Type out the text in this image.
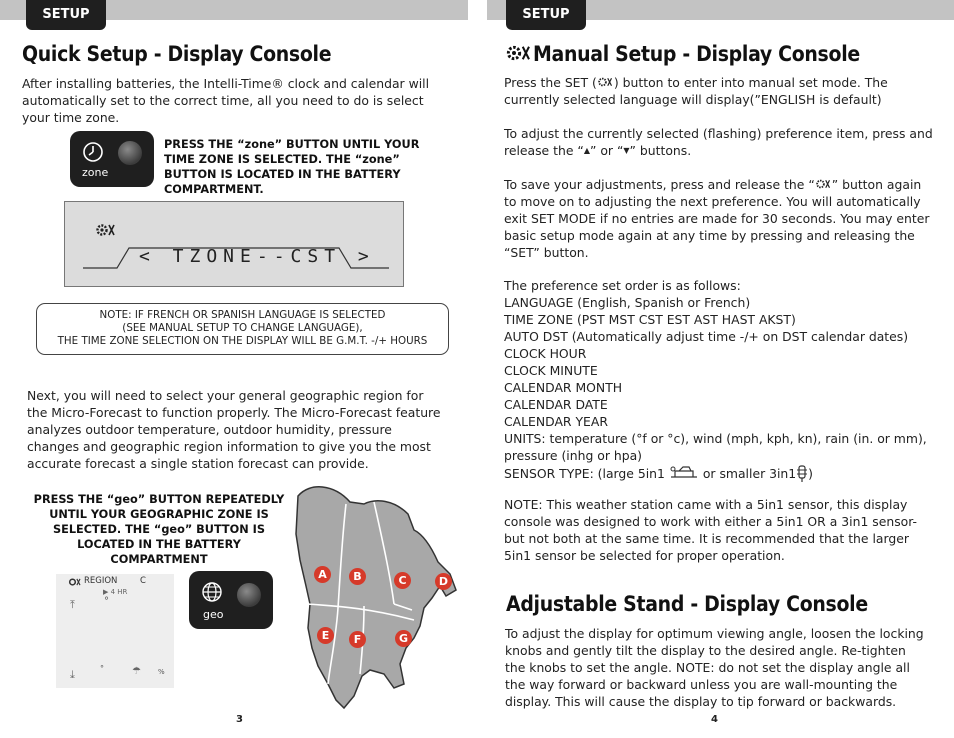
SETUP	SETUP
Quick Setup - Display Console

After installing batteries, the Intelli-Time® clock and calendar will automatically set to the correct time, all you need to do is select your time zone.

zone

PRESS THE “zone” BUTTON UNTIL YOUR TIME ZONE IS SELECTED. THE “zone” BUTTON IS LOCATED IN THE BATTERY COMPARTMENT.

< TZONE--CST >
NOTE: IF FRENCH OR SPANISH LANGUAGE IS SELECTED
(SEE MANUAL SETUP TO CHANGE LANGUAGE),
THE TIME ZONE SELECTION ON THE DISPLAY WILL BE G.M.T. -/+ HOURS

Next, you will need to select your general geographic region for the Micro-Forecast to function properly. The Micro-Forecast feature analyzes outdoor temperature, outdoor humidity, pressure changes and geographic region information to give you the most accurate forecast a single station forecast can provide.

PRESS THE “geo” BUTTON REPEATEDLY UNTIL YOUR GEOGRAPHIC ZONE IS SELECTED. THE “geo” BUTTON IS LOCATED IN THE BATTERY COMPARTMENT

REGION	C
▶ 4 HR
⤒	°
⤓	°	☂ %
geo
A	B	C	D
E	F	G
3
Manual Setup - Display Console

Press the SET ( ) button to enter into manual set mode. The currently selected language will display(”ENGLISH is default)

To adjust the currently selected (flashing) preference item, press and release the “▲” or “▼” buttons.

To save your adjustments, press and release the “ ” button again to move on to adjusting the next preference. You will automatically exit SET MODE if no entries are made for 30 seconds. You may enter basic setup mode again at any time by pressing and releasing the “SET” button.

The preference set order is as follows:
LANGUAGE (English, Spanish or French)
TIME ZONE (PST MST CST EST AST HAST AKST)
AUTO DST (Automatically adjust time -/+ on DST calendar dates)
CLOCK HOUR
CLOCK MINUTE
CALENDAR MONTH
CALENDAR DATE
CALENDAR YEAR
UNITS: temperature (°f or °c), wind (mph, kph, kn), rain (in. or mm), pressure (inhg or hpa)
SENSOR TYPE: (large 5in1	or smaller 3in1 )

NOTE: This weather station came with a 5in1 sensor, this display console was designed to work with either a 5in1 OR a 3in1 sensor- but not both at the same time. It is recommended that the larger 5in1 sensor be selected for proper operation.

Adjustable Stand - Display Console

To adjust the display for optimum viewing angle, loosen the locking knobs and gently tilt the display to the desired angle. Re-tighten the knobs to set the angle. NOTE: do not set the display angle all the way forward or backward unless you are wall-mounting the display. This will cause the display to tip forward or backwards.

4
